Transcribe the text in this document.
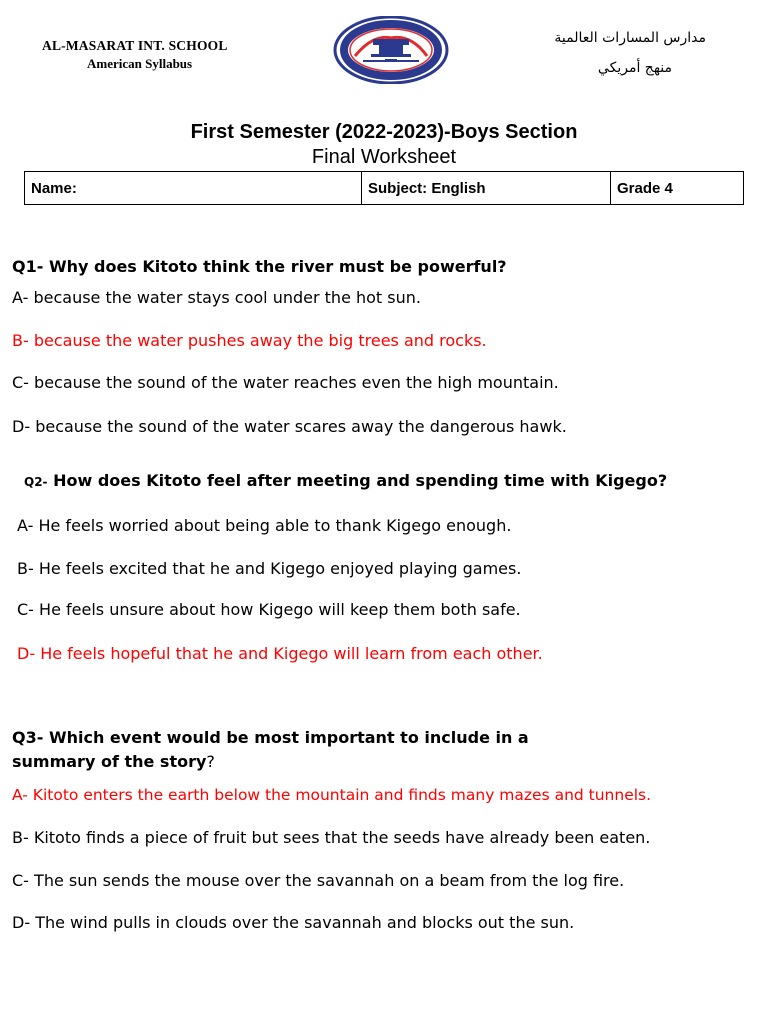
AL-MASARAT INT. SCHOOL
American Syllabus
مدارس المسارات العالمية
منهج أمريكي
First Semester (2022-2023)-Boys Section
Final Worksheet
Name:	Subject: English	Grade 4
Q1- Why does Kitoto think the river must be powerful?
A- because the water stays cool under the hot sun.
B- because the water pushes away the big trees and rocks.
C- because the sound of the water reaches even the high mountain.
D- because the sound of the water scares away the dangerous hawk.
Q2- How does Kitoto feel after meeting and spending time with Kigego?
A- He feels worried about being able to thank Kigego enough.
B- He feels excited that he and Kigego enjoyed playing games.
C- He feels unsure about how Kigego will keep them both safe.
D- He feels hopeful that he and Kigego will learn from each other.
Q3- Which event would be most important to include in a
summary of the story?
A- Kitoto enters the earth below the mountain and finds many mazes and tunnels.
B- Kitoto finds a piece of fruit but sees that the seeds have already been eaten.
C- The sun sends the mouse over the savannah on a beam from the log fire.
D- The wind pulls in clouds over the savannah and blocks out the sun.
